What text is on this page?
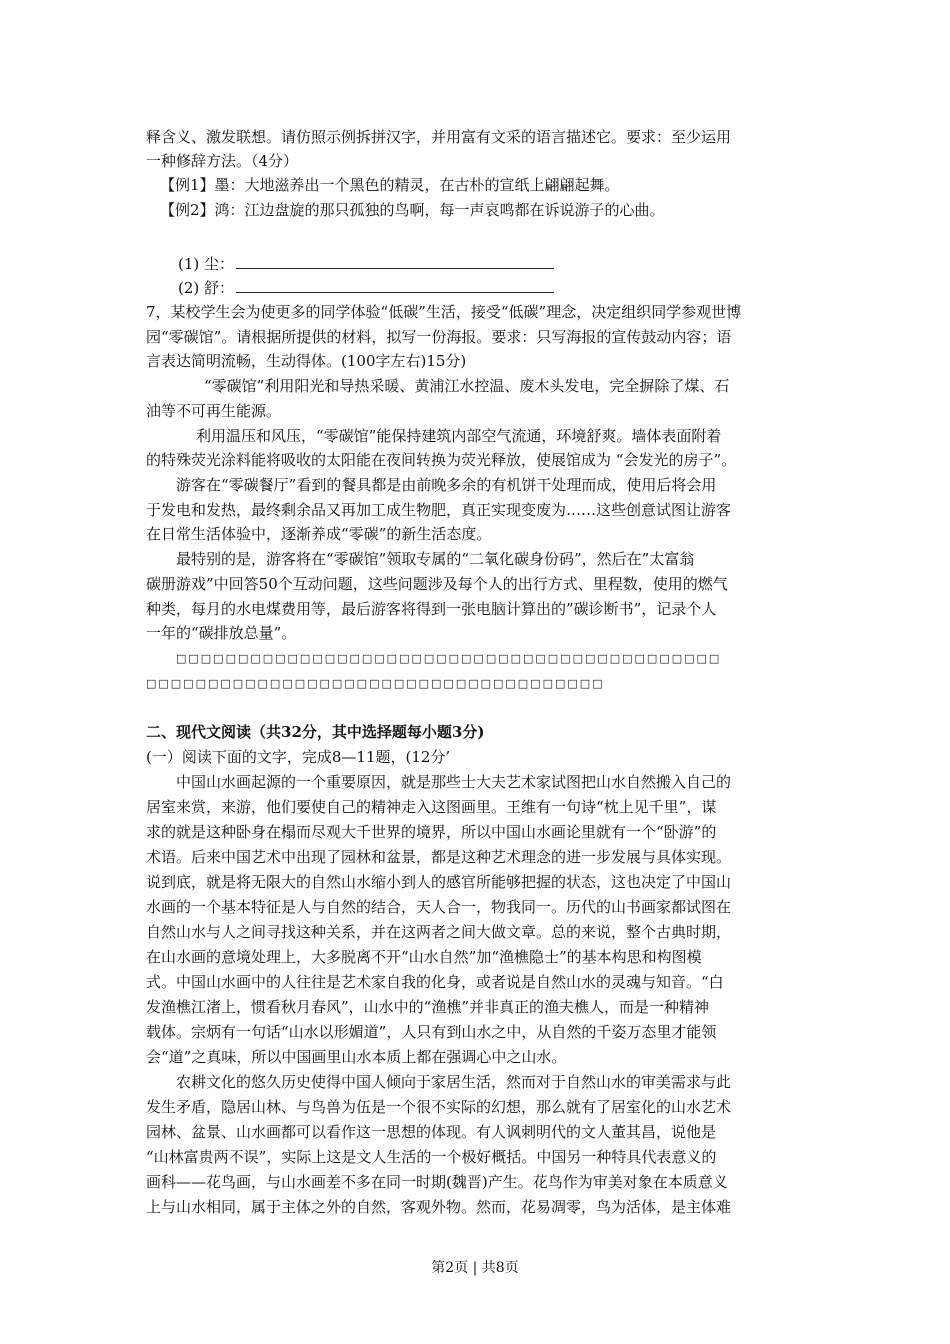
释含义、激发联想。请仿照示例拆拼汉字，并用富有文采的语言描述它。要求：至少运用
一种修辞方法。（4分）
【例1】墨：大地滋养出一个黑色的精灵，在古朴的宣纸上翩翩起舞。
【例2】鸿：江边盘旋的那只孤独的鸟啊，每一声哀鸣都在诉说游子的心曲。
(1) 尘：
(2) 舒：
7，某校学生会为使更多的同学体验“低碳”生活，接受“低碳”理念，决定组织同学参观世博
园“零碳馆”。请根据所提供的材料，拟写一份海报。要求：只写海报的宣传鼓动内容；语
言表达简明流畅，生动得体。(100字左右)15分)
“零碳馆”利用阳光和导热采暖、黄浦江水控温、废木头发电，完全摒除了煤、石
油等不可再生能源。
利用温压和风压，“零碳馆”能保持建筑内部空气流通，环境舒爽。墙体表面附着
的特殊荧光涂料能将吸收的太阳能在夜间转换为荧光释放，使展馆成为 “会发光的房子”。
游客在“零碳餐厅”看到的餐具都是由前晚多余的有机饼干处理而成，使用后将会用
于发电和发热，最终剩余品又再加工成生物肥，真正实现变废为……这些创意试图让游客
在日常生活体验中，逐渐养成“零碳”的新生活态度。
最特别的是，游客将在“零碳馆”领取专属的“二氧化碳身份码”，然后在”太富翁
碳册游戏”中回答50个互动问题，这些问题涉及每个人的出行方式、里程数，使用的燃气
种类，每月的水电煤费用等，最后游客将得到一张电脑计算出的”碳诊断书”，记录个人
一年的“碳排放总量”。
□□□□□□□□□□□□□□□□□□□□□□□□□□□□□□□□□□□□□□□□□□□□
□□□□□□□□□□□□□□□□□□□□□□□□□□□□□□□□□□□□□
二、现代文阅读（共32分，其中选择题每小题3分)
(一）阅读下面的文字，完成8—11题，(12分’
中国山水画起源的一个重要原因，就是那些士大夫艺术家试图把山水自然搬入自己的
居室来赏，来游，他们要使自己的精神走入这图画里。王维有一句诗“枕上见千里”，谋
求的就是这种卧身在榻而尽观大千世界的境界，所以中国山水画论里就有一个“卧游”的
术语。后来中国艺术中出现了园林和盆景，都是这种艺术理念的进一步发展与具体实现。
说到底，就是将无限大的自然山水缩小到人的感官所能够把握的状态，这也决定了中国山
水画的一个基本特征是人与自然的结合，天人合一，物我同一。历代的山书画家都试图在
自然山水与人之间寻找这种关系，并在这两者之间大做文章。总的来说，整个古典时期，
在山水画的意境处理上，大多脱离不开“山水自然”加“渔樵隐士”的基本构思和构图模
式。中国山水画中的人往往是艺术家自我的化身，或者说是自然山水的灵魂与知音。“白
发渔樵江渚上，惯看秋月春风”，山水中的“渔樵”并非真正的渔夫樵人，而是一种精神
载体。宗炳有一句话“山水以形媚道”，人只有到山水之中，从自然的千姿万态里才能领
会“道”之真味，所以中国画里山水本质上都在强调心中之山水。
农耕文化的悠久历史使得中国人倾向于家居生活，然而对于自然山水的审美需求与此
发生矛盾，隐居山林、与鸟兽为伍是一个很不实际的幻想，那么就有了居室化的山水艺术
园林、盆景、山水画都可以看作这一思想的体现。有人讽刺明代的文人董其昌，说他是
“山林富贵两不误”，实际上这是文人生活的一个极好概括。中国另一种特具代表意义的
画科——花鸟画，与山水画差不多在同一时期(魏晋)产生。花鸟作为审美对象在本质意义
上与山水相同，属于主体之外的自然，客观外物。然而，花易凋零，鸟为活体，是主体难
第2页 | 共8页
